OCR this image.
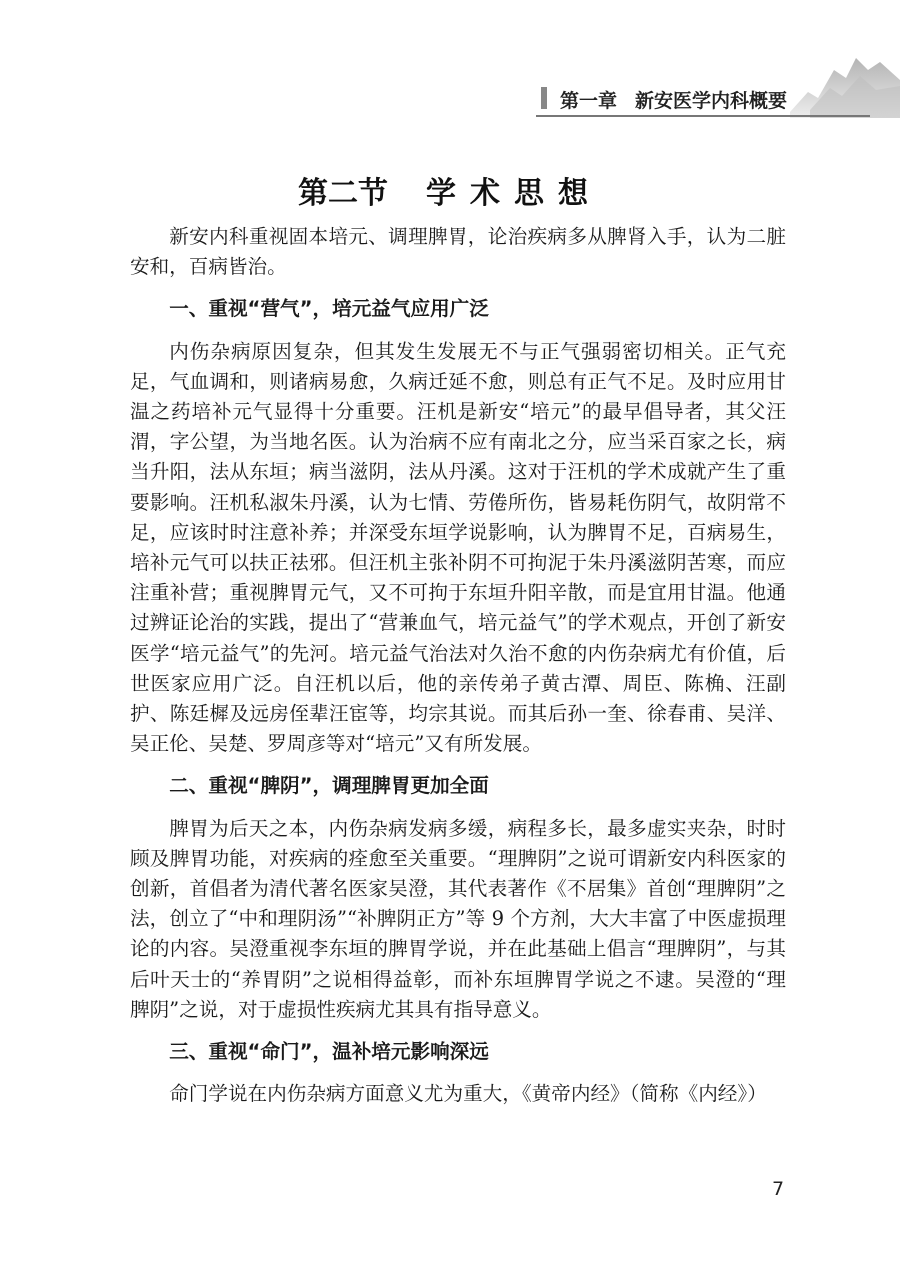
第一章 新安医学内科概要
第二节 学术思想

新安内科重视固本培元、调理脾胃，论治疾病多从脾肾入手，认为二脏安和，百病皆治。

一、重视“营气”，培元益气应用广泛

内伤杂病原因复杂，但其发生发展无不与正气强弱密切相关。正气充足，气血调和，则诸病易愈，久病迁延不愈，则总有正气不足。及时应用甘温之药培补元气显得十分重要。汪机是新安“培元”的最早倡导者，其父汪渭，字公望，为当地名医。认为治病不应有南北之分，应当采百家之长，病当升阳，法从东垣；病当滋阴，法从丹溪。这对于汪机的学术成就产生了重要影响。汪机私淑朱丹溪，认为七情、劳倦所伤，皆易耗伤阴气，故阴常不足，应该时时注意补养；并深受东垣学说影响，认为脾胃不足，百病易生，培补元气可以扶正祛邪。但汪机主张补阴不可拘泥于朱丹溪滋阴苦寒，而应注重补营；重视脾胃元气，又不可拘于东垣升阳辛散，而是宜用甘温。他通过辨证论治的实践，提出了“营兼血气，培元益气”的学术观点，开创了新安医学“培元益气”的先河。培元益气治法对久治不愈的内伤杂病尤有价值，后世医家应用广泛。自汪机以后，他的亲传弟子黄古潭、周臣、陈桷、汪副护、陈廷樨及远房侄辈汪宦等，均宗其说。而其后孙一奎、徐春甫、吴洋、吴正伦、吴楚、罗周彦等对“培元”又有所发展。

二、重视“脾阴”，调理脾胃更加全面

脾胃为后天之本，内伤杂病发病多缓，病程多长，最多虚实夹杂，时时顾及脾胃功能，对疾病的痊愈至关重要。“理脾阴”之说可谓新安内科医家的创新，首倡者为清代著名医家吴澄，其代表著作《不居集》首创“理脾阴”之法，创立了“中和理阴汤”“补脾阴正方”等 9 个方剂，大大丰富了中医虚损理论的内容。吴澄重视李东垣的脾胃学说，并在此基础上倡言“理脾阴”，与其后叶天士的“养胃阴”之说相得益彰，而补东垣脾胃学说之不逮。吴澄的“理脾阴”之说，对于虚损性疾病尤其具有指导意义。

三、重视“命门”，温补培元影响深远

命门学说在内伤杂病方面意义尤为重大，《黄帝内经》（简称《内经》）

7
